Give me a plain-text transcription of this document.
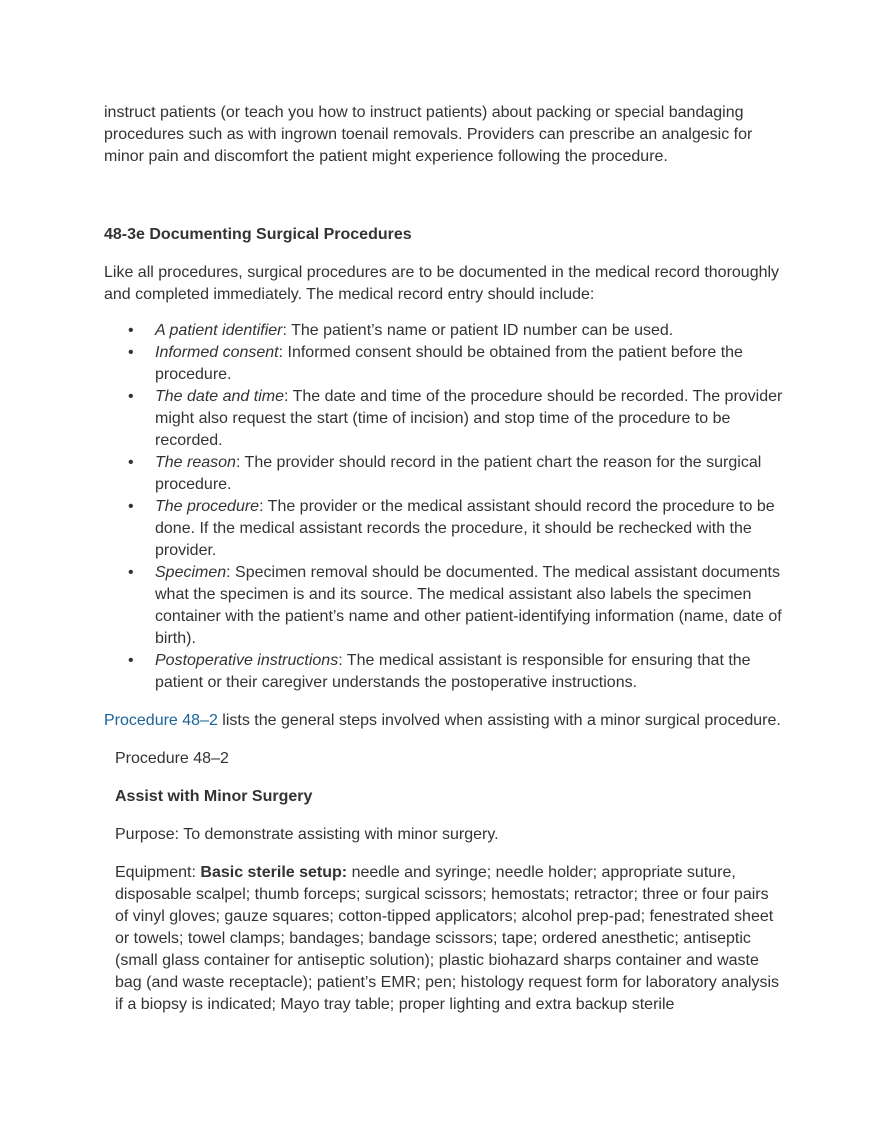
instruct patients (or teach you how to instruct patients) about packing or special bandaging procedures such as with ingrown toenail removals. Providers can prescribe an analgesic for minor pain and discomfort the patient might experience following the procedure.

48-3e Documenting Surgical Procedures

Like all procedures, surgical procedures are to be documented in the medical record thoroughly and completed immediately. The medical record entry should include:

• A patient identifier: The patient’s name or patient ID number can be used.
• Informed consent: Informed consent should be obtained from the patient before the procedure.
• The date and time: The date and time of the procedure should be recorded. The provider might also request the start (time of incision) and stop time of the procedure to be recorded.
• The reason: The provider should record in the patient chart the reason for the surgical procedure.
• The procedure: The provider or the medical assistant should record the procedure to be done. If the medical assistant records the procedure, it should be rechecked with the provider.
• Specimen: Specimen removal should be documented. The medical assistant documents what the specimen is and its source. The medical assistant also labels the specimen container with the patient’s name and other patient-identifying information (name, date of birth).
• Postoperative instructions: The medical assistant is responsible for ensuring that the patient or their caregiver understands the postoperative instructions.

Procedure 48–2 lists the general steps involved when assisting with a minor surgical procedure.

Procedure 48–2

Assist with Minor Surgery

Purpose: To demonstrate assisting with minor surgery.

Equipment: Basic sterile setup: needle and syringe; needle holder; appropriate suture, disposable scalpel; thumb forceps; surgical scissors; hemostats; retractor; three or four pairs of vinyl gloves; gauze squares; cotton-tipped applicators; alcohol prep-pad; fenestrated sheet or towels; towel clamps; bandages; bandage scissors; tape; ordered anesthetic; antiseptic (small glass container for antiseptic solution); plastic biohazard sharps container and waste bag (and waste receptacle); patient’s EMR; pen; histology request form for laboratory analysis if a biopsy is indicated; Mayo tray table; proper lighting and extra backup sterile
